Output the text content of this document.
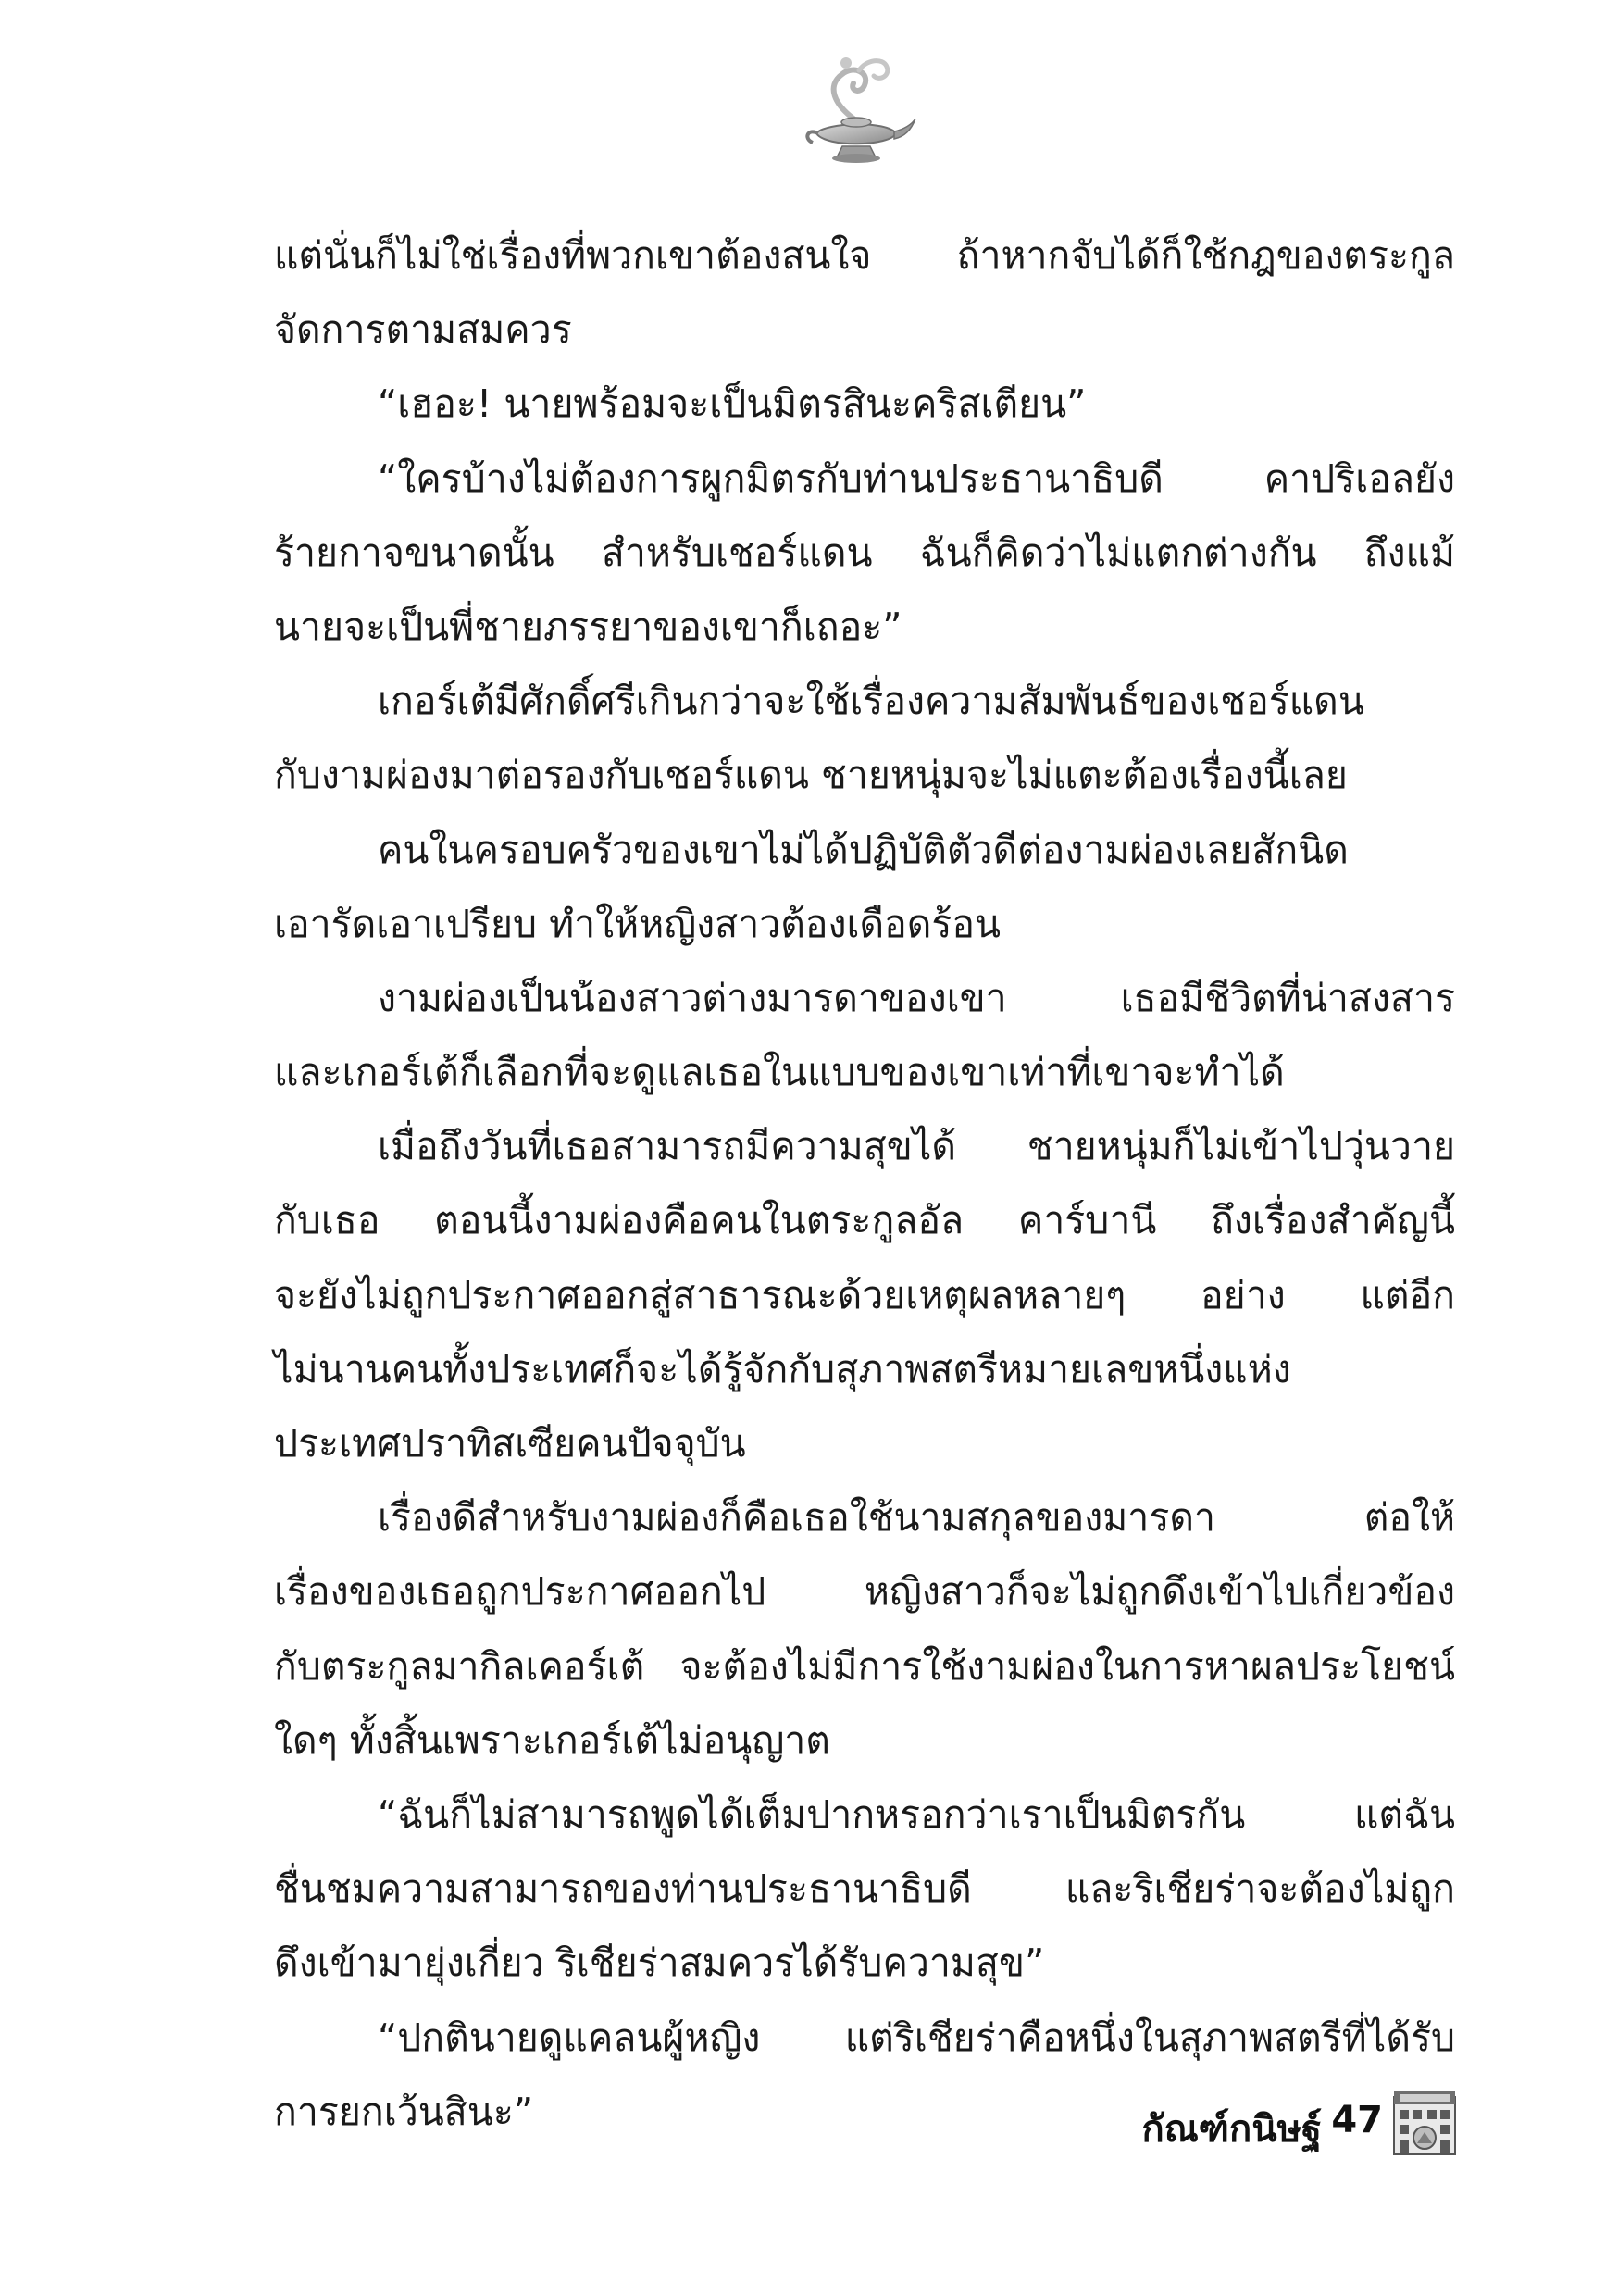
แต่นั่นก็ไม่ใช่เรื่องที่พวกเขาต้องสนใจ ถ้าหากจับได้ก็ใช้กฎของตระกูล
จัดการตามสมควร
“เฮอะ! นายพร้อมจะเป็นมิตรสินะคริสเตียน”
“ใครบ้างไม่ต้องการผูกมิตรกับท่านประธานาธิบดี คาปริเอลยัง
ร้ายกาจขนาดนั้น สำหรับเชอร์แดน ฉันก็คิดว่าไม่แตกต่างกัน ถึงแม้
นายจะเป็นพี่ชายภรรยาของเขาก็เถอะ”
เกอร์เต้มีศักดิ์ศรีเกินกว่าจะใช้เรื่องความสัมพันธ์ของเชอร์แดน
กับงามผ่องมาต่อรองกับเชอร์แดน ชายหนุ่มจะไม่แตะต้องเรื่องนี้เลย
คนในครอบครัวของเขาไม่ได้ปฏิบัติตัวดีต่องามผ่องเลยสักนิด
เอารัดเอาเปรียบ ทำให้หญิงสาวต้องเดือดร้อน
งามผ่องเป็นน้องสาวต่างมารดาของเขา เธอมีชีวิตที่น่าสงสาร
และเกอร์เต้ก็เลือกที่จะดูแลเธอในแบบของเขาเท่าที่เขาจะทำได้
เมื่อถึงวันที่เธอสามารถมีความสุขได้ ชายหนุ่มก็ไม่เข้าไปวุ่นวาย
กับเธอ ตอนนี้งามผ่องคือคนในตระกูลอัล คาร์บานี ถึงเรื่องสำคัญนี้
จะยังไม่ถูกประกาศออกสู่สาธารณะด้วยเหตุผลหลายๆ อย่าง แต่อีก
ไม่นานคนทั้งประเทศก็จะได้รู้จักกับสุภาพสตรีหมายเลขหนึ่งแห่ง
ประเทศปราทิสเซียคนปัจจุบัน
เรื่องดีสำหรับงามผ่องก็คือเธอใช้นามสกุลของมารดา ต่อให้
เรื่องของเธอถูกประกาศออกไป หญิงสาวก็จะไม่ถูกดึงเข้าไปเกี่ยวข้อง
กับตระกูลมากิลเคอร์เต้ จะต้องไม่มีการใช้งามผ่องในการหาผลประโยชน์
ใดๆ ทั้งสิ้นเพราะเกอร์เต้ไม่อนุญาต
“ฉันก็ไม่สามารถพูดได้เต็มปากหรอกว่าเราเป็นมิตรกัน แต่ฉัน
ชื่นชมความสามารถของท่านประธานาธิบดี และริเชียร่าจะต้องไม่ถูก
ดึงเข้ามายุ่งเกี่ยว ริเชียร่าสมควรได้รับความสุข”
“ปกตินายดูแคลนผู้หญิง แต่ริเชียร่าคือหนึ่งในสุภาพสตรีที่ได้รับ
การยกเว้นสินะ”	กัณฑ์กนิษฐ์ 47
